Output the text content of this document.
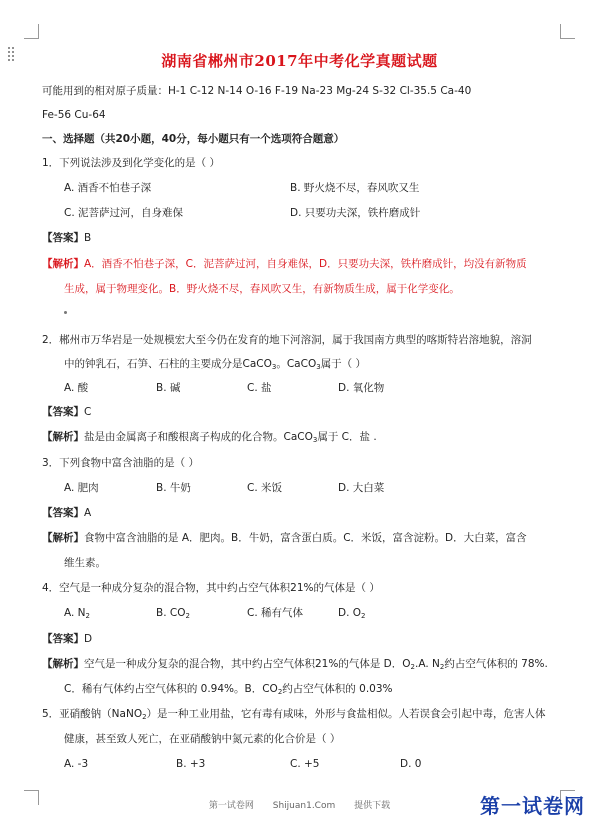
湖南省郴州市2017年中考化学真题试题
可能用到的相对原子质量：H-1 C-12 N-14 O-16 F-19 Na-23 Mg-24 S-32 Cl-35.5 Ca-40
Fe-56 Cu-64
一、选择题（共20小题，40分，每小题只有一个选项符合题意）
1．下列说法涉及到化学变化的是（ ）
A. 酒香不怕巷子深	B. 野火烧不尽，春风吹又生
C. 泥菩萨过河，自身难保	D. 只要功夫深，铁杵磨成针
【答案】B
【解析】A．酒香不怕巷子深，C．泥菩萨过河，自身难保，D．只要功夫深，铁杵磨成针，均没有新物质
生成，属于物理变化。B．野火烧不尽，春风吹又生，有新物质生成，属于化学变化。
2．郴州市万华岩是一处规模宏大至今仍在发育的地下河溶洞，属于我国南方典型的喀斯特岩溶地貌，溶洞
中的钟乳石，石笋、石柱的主要成分是CaCO$_3$。CaCO$_3$属于（ ）
A. 酸	B. 碱	C. 盐	D. 氧化物
【答案】C
【解析】盐是由金属离子和酸根离子构成的化合物。CaCO$_3$属于 C．盐 .
3．下列食物中富含油脂的是（ ）
A. 肥肉	B. 牛奶	C. 米饭	D. 大白菜
【答案】A
【解析】食物中富含油脂的是 A．肥肉。B．牛奶，富含蛋白质。C．米饭，富含淀粉。D．大白菜，富含
维生素。
4．空气是一种成分复杂的混合物，其中约占空气体积21%的气体是（ ）
A. $N_2$	B. $CO_2$	C. 稀有气体	D. $O_2$
【答案】D
【解析】空气是一种成分复杂的混合物，其中约占空气体积21%的气体是 D．$O_2.A$. $N_2$约占空气体积的 78%.
C．稀有气体约占空气体积的 0.94%。B．$CO_2$约占空气体积的 0.03%
5．亚硝酸钠（NaNO$_2$）是一种工业用盐，它有毒有咸味，外形与食盐相似。人若误食会引起中毒，危害人体
健康，甚至致人死亡，在亚硝酸钠中氮元素的化合价是（ ）
A. -3	B. +3	C. +5	D. 0
第一试卷网 Shijuan1.Com 提供下载	第一试卷网
